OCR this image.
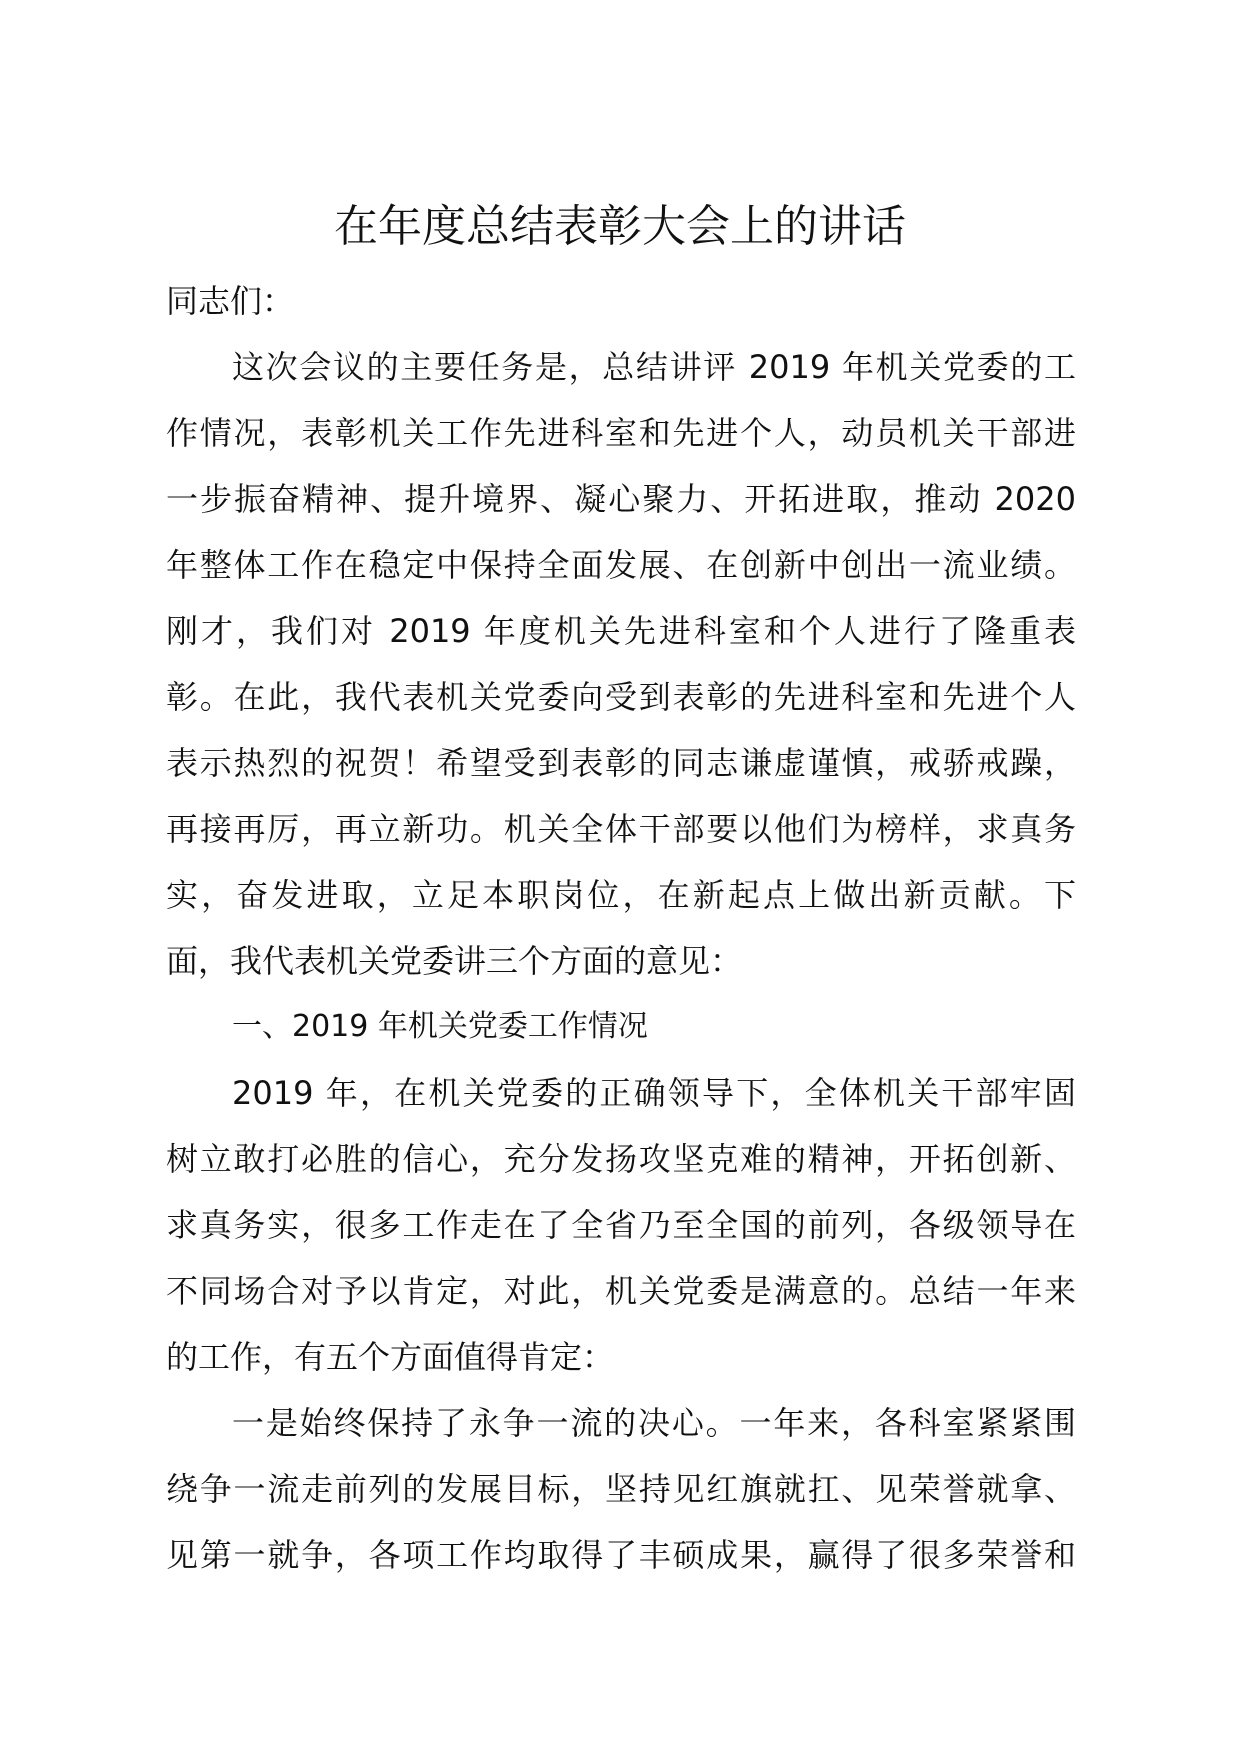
在年度总结表彰大会上的讲话
同志们：
这次会议的主要任务是，总结讲评 2019 年机关党委的工
作情况，表彰机关工作先进科室和先进个人，动员机关干部进
一步振奋精神、提升境界、凝心聚力、开拓进取，推动 2020
年整体工作在稳定中保持全面发展、在创新中创出一流业绩。
刚才，我们对 2019 年度机关先进科室和个人进行了隆重表
彰。在此，我代表机关党委向受到表彰的先进科室和先进个人
表示热烈的祝贺！希望受到表彰的同志谦虚谨慎，戒骄戒躁，
再接再厉，再立新功。机关全体干部要以他们为榜样，求真务
实，奋发进取，立足本职岗位，在新起点上做出新贡献。下
面，我代表机关党委讲三个方面的意见：
一、2019 年机关党委工作情况
2019 年，在机关党委的正确领导下，全体机关干部牢固
树立敢打必胜的信心，充分发扬攻坚克难的精神，开拓创新、
求真务实，很多工作走在了全省乃至全国的前列，各级领导在
不同场合对予以肯定，对此，机关党委是满意的。总结一年来
的工作，有五个方面值得肯定：
一是始终保持了永争一流的决心。一年来，各科室紧紧围
绕争一流走前列的发展目标，坚持见红旗就扛、见荣誉就拿、
见第一就争，各项工作均取得了丰硕成果，赢得了很多荣誉和
